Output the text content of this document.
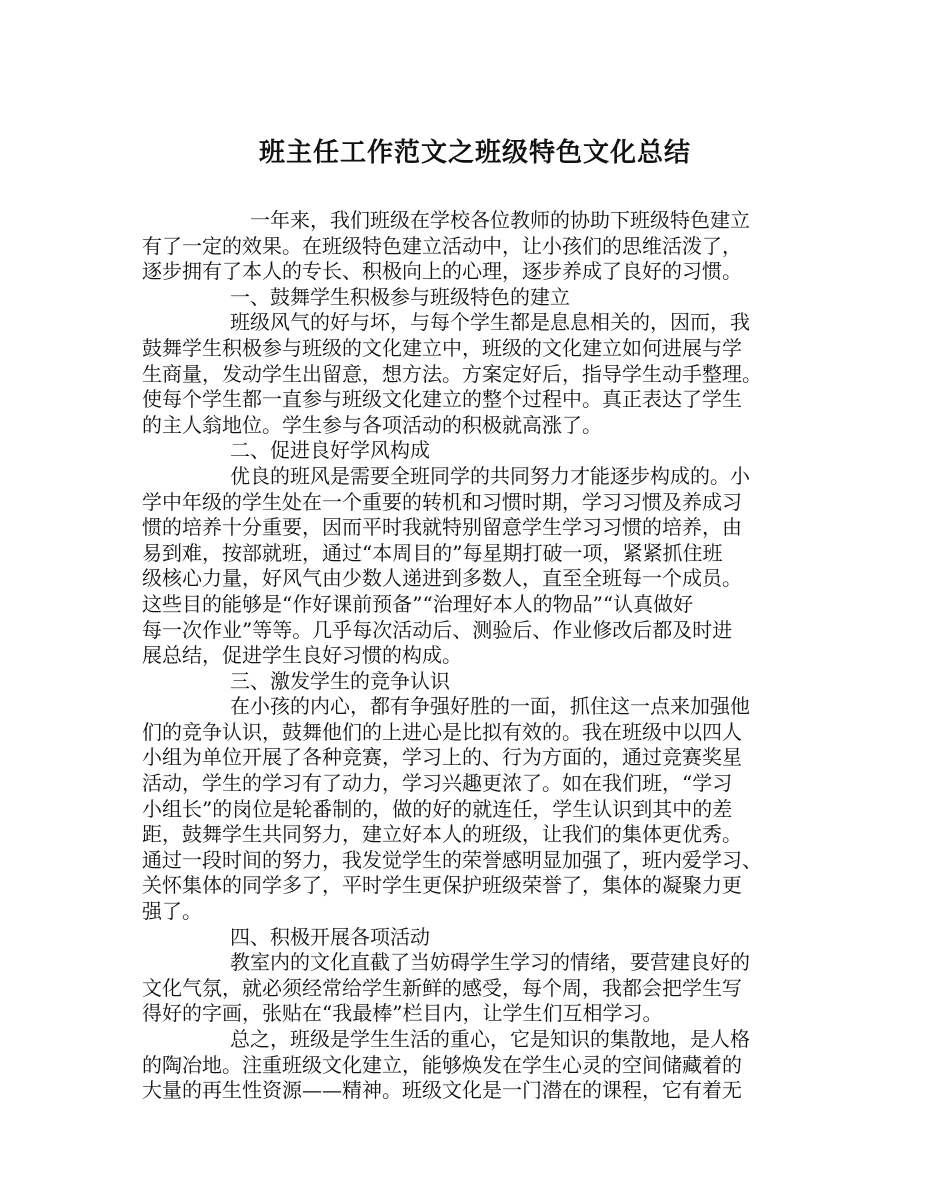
班主任工作范文之班级特色文化总结
一年来，我们班级在学校各位教师的协助下班级特色建立
有了一定的效果。在班级特色建立活动中，让小孩们的思维活泼了，
逐步拥有了本人的专长、积极向上的心理，逐步养成了良好的习惯。
一、鼓舞学生积极参与班级特色的建立
班级风气的好与坏，与每个学生都是息息相关的，因而，我
鼓舞学生积极参与班级的文化建立中，班级的文化建立如何进展与学
生商量，发动学生出留意，想方法。方案定好后，指导学生动手整理。
使每个学生都一直参与班级文化建立的整个过程中。真正表达了学生
的主人翁地位。学生参与各项活动的积极就高涨了。
二、促进良好学风构成
优良的班风是需要全班同学的共同努力才能逐步构成的。小
学中年级的学生处在一个重要的转机和习惯时期，学习习惯及养成习
惯的培养十分重要，因而平时我就特别留意学生学习习惯的培养，由
易到难，按部就班，通过“本周目的”每星期打破一项，紧紧抓住班
级核心力量，好风气由少数人递进到多数人，直至全班每一个成员。
这些目的能够是“作好课前预备”“治理好本人的物品”“认真做好
每一次作业”等等。几乎每次活动后、测验后、作业修改后都及时进
展总结，促进学生良好习惯的构成。
三、激发学生的竞争认识
在小孩的内心，都有争强好胜的一面，抓住这一点来加强他
们的竞争认识，鼓舞他们的上进心是比拟有效的。我在班级中以四人
小组为单位开展了各种竞赛，学习上的、行为方面的，通过竞赛奖星
活动，学生的学习有了动力，学习兴趣更浓了。如在我们班，“学习
小组长”的岗位是轮番制的，做的好的就连任，学生认识到其中的差
距，鼓舞学生共同努力，建立好本人的班级，让我们的集体更优秀。
通过一段时间的努力，我发觉学生的荣誉感明显加强了，班内爱学习、
关怀集体的同学多了，平时学生更保护班级荣誉了，集体的凝聚力更
强了。
四、积极开展各项活动
教室内的文化直截了当妨碍学生学习的情绪，要营建良好的
文化气氛，就必须经常给学生新鲜的感受，每个周，我都会把学生写
得好的字画，张贴在“我最棒”栏目内，让学生们互相学习。
总之，班级是学生生活的重心，它是知识的集散地，是人格
的陶冶地。注重班级文化建立，能够焕发在学生心灵的空间储藏着的
大量的再生性资源——精神。班级文化是一门潜在的课程，它有着无
